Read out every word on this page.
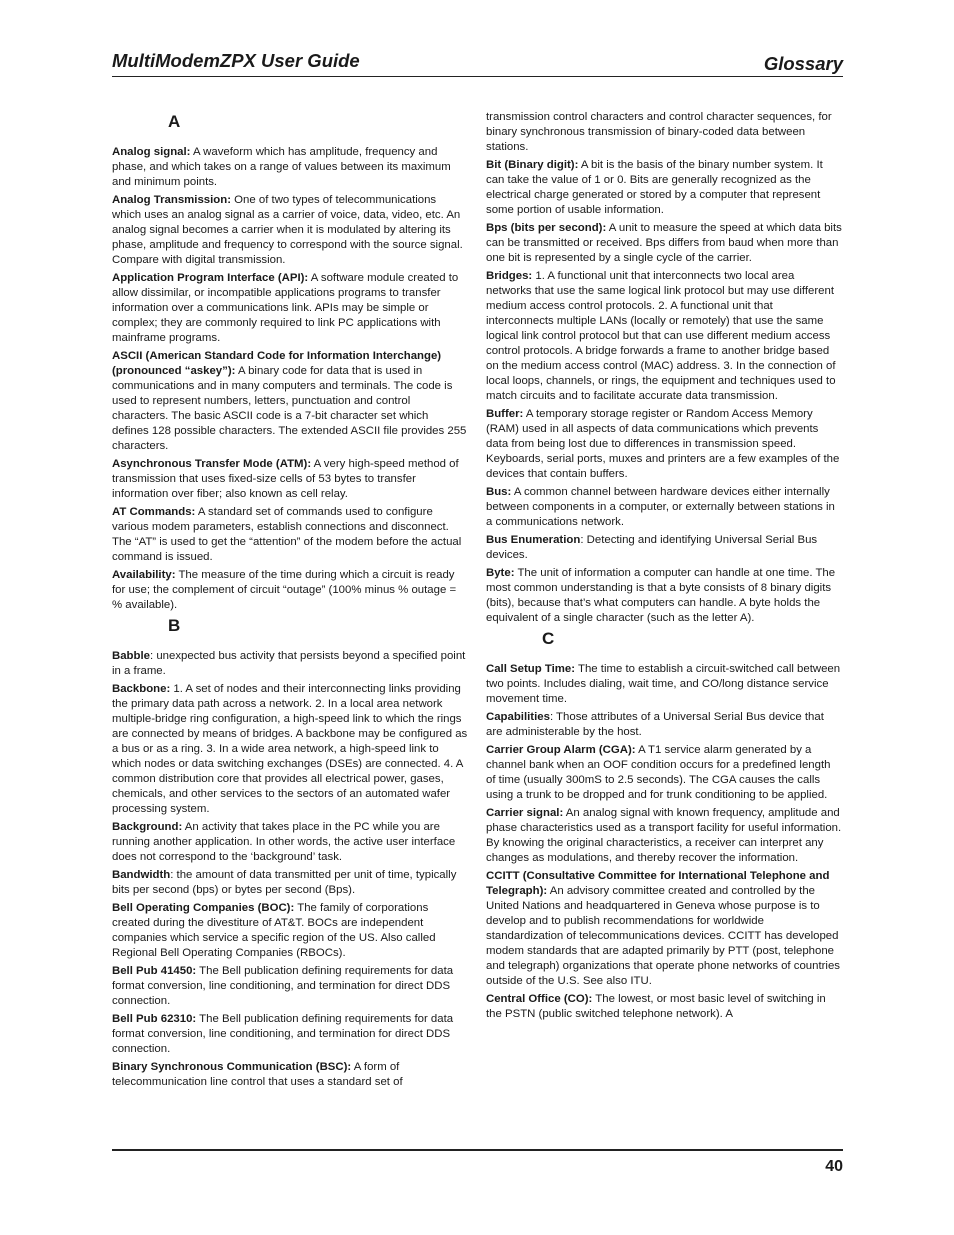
MultiModemZPX User Guide	Glossary
A
Analog signal: A waveform which has amplitude, frequency and phase, and which takes on a range of values between its maximum and minimum points.
Analog Transmission: One of two types of telecommunications which uses an analog signal as a carrier of voice, data, video, etc. An analog signal becomes a carrier when it is modulated by altering its phase, amplitude and frequency to correspond with the source signal. Compare with digital transmission.
Application Program Interface (API): A software module created to allow dissimilar, or incompatible applications programs to transfer information over a communications link. APIs may be simple or complex; they are commonly required to link PC applications with mainframe programs.
ASCII (American Standard Code for Information Interchange) (pronounced “askey”): A binary code for data that is used in communications and in many computers and terminals. The code is used to represent numbers, letters, punctuation and control characters. The basic ASCII code is a 7-bit character set which defines 128 possible characters. The extended ASCII file provides 255 characters.
Asynchronous Transfer Mode (ATM): A very high-speed method of transmission that uses fixed-size cells of 53 bytes to transfer information over fiber; also known as cell relay.
AT Commands: A standard set of commands used to configure various modem parameters, establish connections and disconnect. The “AT” is used to get the “attention” of the modem before the actual command is issued.
Availability: The measure of the time during which a circuit is ready for use; the complement of circuit “outage” (100% minus % outage = % available).
B
Babble: unexpected bus activity that persists beyond a specified point in a frame.
Backbone: 1. A set of nodes and their interconnecting links providing the primary data path across a network. 2. In a local area network multiple-bridge ring configuration, a high-speed link to which the rings are connected by means of bridges. A backbone may be configured as a bus or as a ring. 3. In a wide area network, a high-speed link to which nodes or data switching exchanges (DSEs) are connected. 4. A common distribution core that provides all electrical power, gases, chemicals, and other services to the sectors of an automated wafer processing system.
Background: An activity that takes place in the PC while you are running another application. In other words, the active user interface does not correspond to the ‘background’ task.
Bandwidth: the amount of data transmitted per unit of time, typically bits per second (bps) or bytes per second (Bps).
Bell Operating Companies (BOC): The family of corporations created during the divestiture of AT&T. BOCs are independent companies which service a specific region of the US. Also called Regional Bell Operating Companies (RBOCs).
Bell Pub 41450: The Bell publication defining requirements for data format conversion, line conditioning, and termination for direct DDS connection.
Bell Pub 62310: The Bell publication defining requirements for data format conversion, line conditioning, and termination for direct DDS connection.
Binary Synchronous Communication (BSC): A form of telecommunication line control that uses a standard set of
transmission control characters and control character sequences, for binary synchronous transmission of binary-coded data between stations.
Bit (Binary digit): A bit is the basis of the binary number system. It can take the value of 1 or 0. Bits are generally recognized as the electrical charge generated or stored by a computer that represent some portion of usable information.
Bps (bits per second): A unit to measure the speed at which data bits can be transmitted or received. Bps differs from baud when more than one bit is represented by a single cycle of the carrier.
Bridges: 1. A functional unit that interconnects two local area networks that use the same logical link protocol but may use different medium access control protocols. 2. A functional unit that interconnects multiple LANs (locally or remotely) that use the same logical link control protocol but that can use different medium access control protocols. A bridge forwards a frame to another bridge based on the medium access control (MAC) address. 3. In the connection of local loops, channels, or rings, the equipment and techniques used to match circuits and to facilitate accurate data transmission.
Buffer: A temporary storage register or Random Access Memory (RAM) used in all aspects of data communications which prevents data from being lost due to differences in transmission speed. Keyboards, serial ports, muxes and printers are a few examples of the devices that contain buffers.
Bus: A common channel between hardware devices either internally between components in a computer, or externally between stations in a communications network.
Bus Enumeration: Detecting and identifying Universal Serial Bus devices.
Byte: The unit of information a computer can handle at one time. The most common understanding is that a byte consists of 8 binary digits (bits), because that’s what computers can handle. A byte holds the equivalent of a single character (such as the letter A).
C
Call Setup Time: The time to establish a circuit-switched call between two points. Includes dialing, wait time, and CO/long distance service movement time.
Capabilities: Those attributes of a Universal Serial Bus device that are administerable by the host.
Carrier Group Alarm (CGA): A T1 service alarm generated by a channel bank when an OOF condition occurs for a predefined length of time (usually 300mS to 2.5 seconds). The CGA causes the calls using a trunk to be dropped and for trunk conditioning to be applied.
Carrier signal: An analog signal with known frequency, amplitude and phase characteristics used as a transport facility for useful information. By knowing the original characteristics, a receiver can interpret any changes as modulations, and thereby recover the information.
CCITT (Consultative Committee for International Telephone and Telegraph): An advisory committee created and controlled by the United Nations and headquartered in Geneva whose purpose is to develop and to publish recommendations for worldwide standardization of telecommunications devices. CCITT has developed modem standards that are adapted primarily by PTT (post, telephone and telegraph) organizations that operate phone networks of countries outside of the U.S. See also ITU.
Central Office (CO): The lowest, or most basic level of switching in the PSTN (public switched telephone network). A
40
